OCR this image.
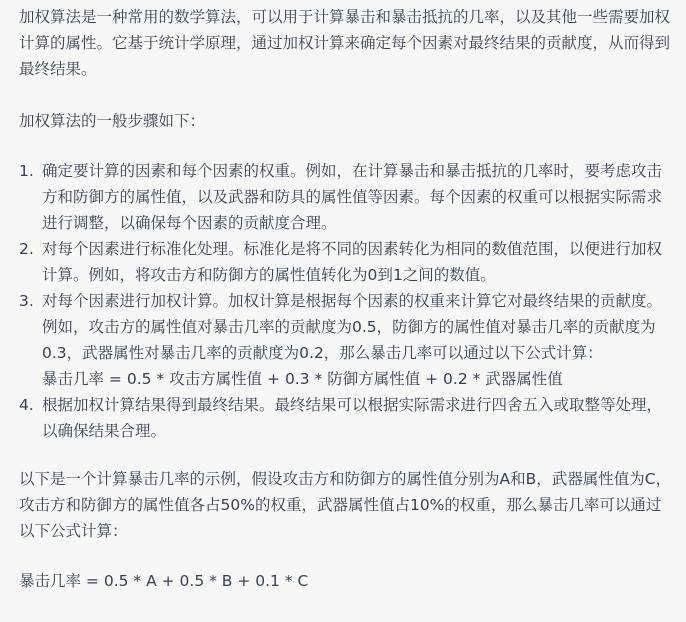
加权算法是一种常用的数学算法，可以用于计算暴击和暴击抵抗的几率，以及其他一些需要加权计算的属性。它基于统计学原理，通过加权计算来确定每个因素对最终结果的贡献度，从而得到最终结果。

加权算法的一般步骤如下：

1. 确定要计算的因素和每个因素的权重。例如，在计算暴击和暴击抵抗的几率时，要考虑攻击方和防御方的属性值，以及武器和防具的属性值等因素。每个因素的权重可以根据实际需求进行调整，以确保每个因素的贡献度合理。
2. 对每个因素进行标准化处理。标准化是将不同的因素转化为相同的数值范围，以便进行加权计算。例如，将攻击方和防御方的属性值转化为0到1之间的数值。
3. 对每个因素进行加权计算。加权计算是根据每个因素的权重来计算它对最终结果的贡献度。例如，攻击方的属性值对暴击几率的贡献度为0.5，防御方的属性值对暴击几率的贡献度为0.3，武器属性对暴击几率的贡献度为0.2，那么暴击几率可以通过以下公式计算：
暴击几率 = 0.5 * 攻击方属性值 + 0.3 * 防御方属性值 + 0.2 * 武器属性值
4. 根据加权计算结果得到最终结果。最终结果可以根据实际需求进行四舍五入或取整等处理，以确保结果合理。

以下是一个计算暴击几率的示例，假设攻击方和防御方的属性值分别为A和B，武器属性值为C，攻击方和防御方的属性值各占50%的权重，武器属性值占10%的权重，那么暴击几率可以通过以下公式计算：

暴击几率 = 0.5 * A + 0.5 * B + 0.1 * C
